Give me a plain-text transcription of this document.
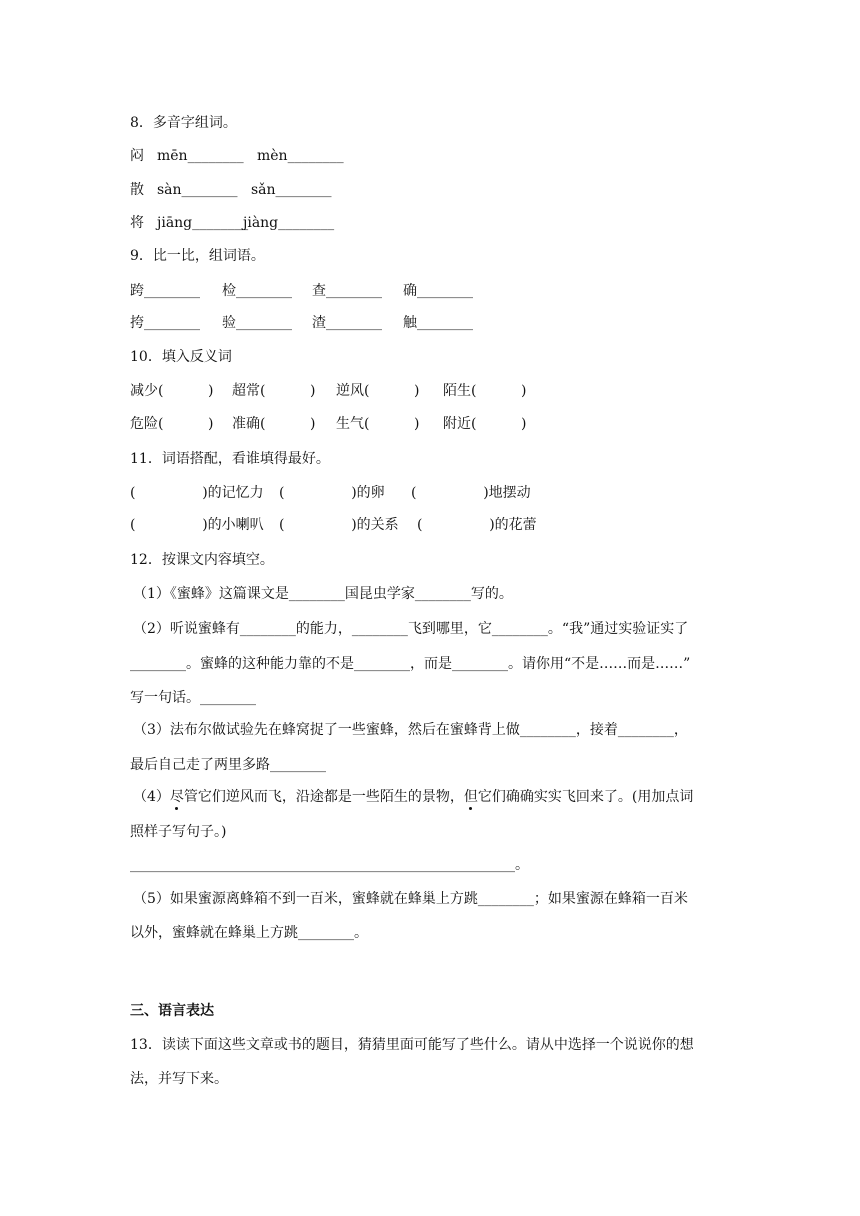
8．多音字组词。

闷

mēn________

mèn________

散

sàn________

sǎn________

将

jiāng________

jiàng________

9．比一比，组词语。

跨________

检________

查________

确________

挎________

验________

渣________

触________

10．填入反义词

减少(          )

超常(          )

逆风(          )

陌生(          )

危险(          )

准确(          )

生气(          )

附近(          )

11．词语搭配，看谁填得最好。

(               )的记忆力

(               )的卵

(               )地摆动

(               )的小喇叭

(               )的关系

(               )的花蕾

12．按课文内容填空。
（1）《蜜蜂》这篇课文是________国昆虫学家________写的。
（2）听说蜜蜂有________的能力，________飞到哪里，它________。“我”通过实验证实了
________。蜜蜂的这种能力靠的不是________，而是________。请你用“不是……而是……”
写一句话。________
（3）法布尔做试验先在蜂窝捉了一些蜜蜂，然后在蜜蜂背上做________，接着________，
最后自己走了两里多路________
（4）尽管它们逆风而飞，沿途都是一些陌生的景物，但它们确确实实飞回来了。(用加点词
照样子写句子。)
_______________________________________________________。
（5）如果蜜源离蜂箱不到一百米，蜜蜂就在蜂巢上方跳________；如果蜜源在蜂箱一百米
以外，蜜蜂就在蜂巢上方跳________。
三、语言表达
13．读读下面这些文章或书的题目，猜猜里面可能写了些什么。请从中选择一个说说你的想
法，并写下来。
